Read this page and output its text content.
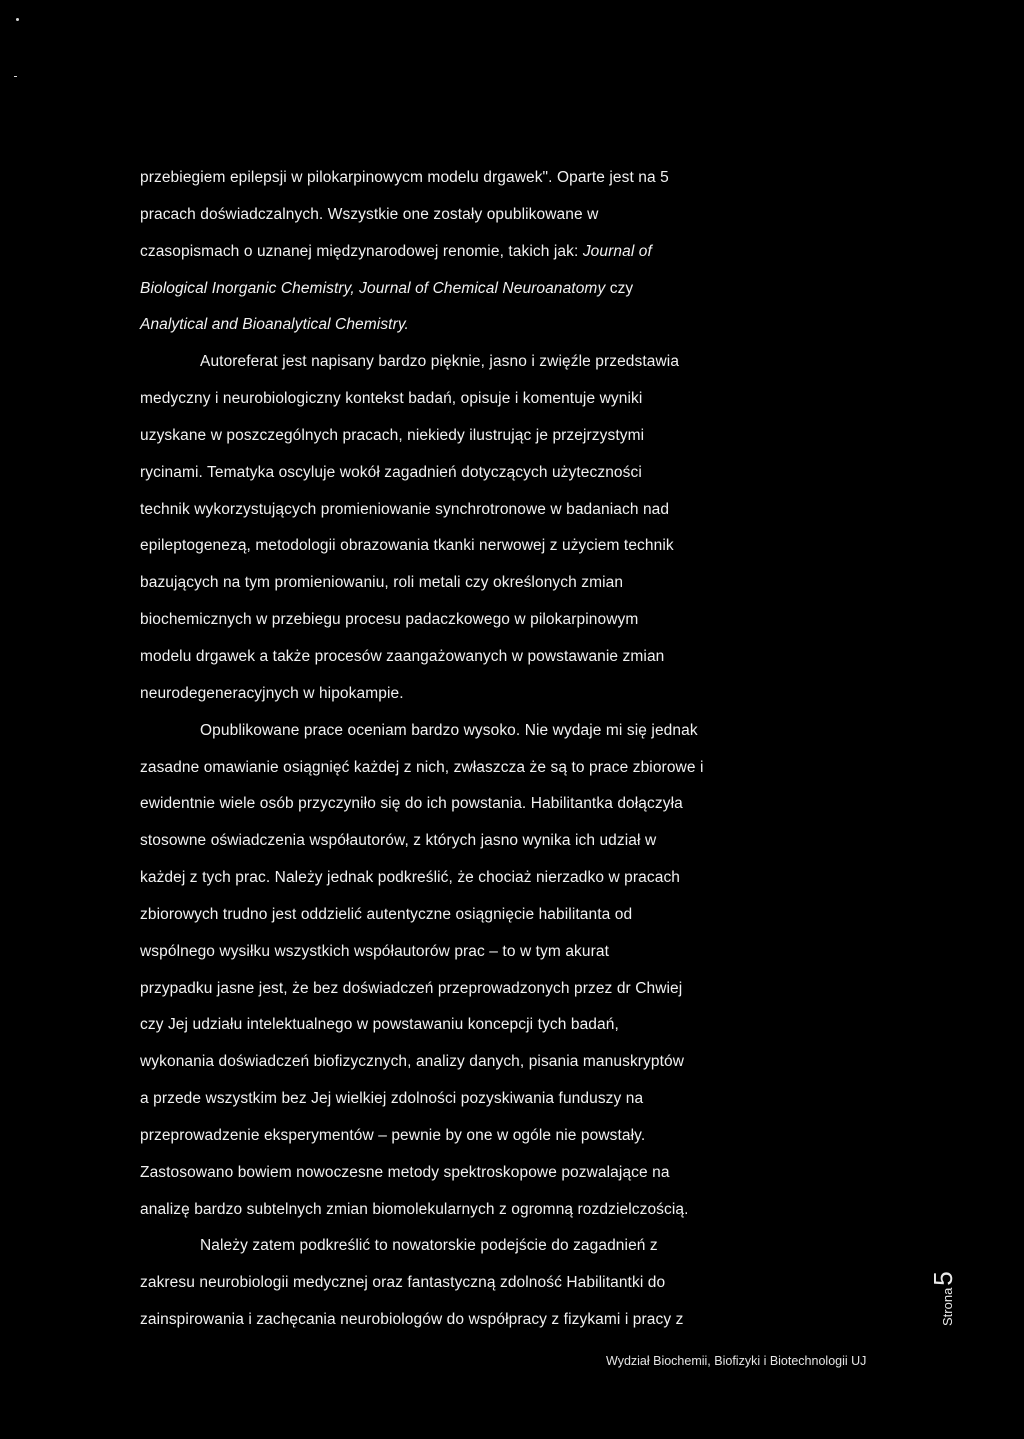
przebiegiem epilepsji w pilokarpinowycm modelu drgawek". Oparte jest na 5
pracach doświadczalnych. Wszystkie one zostały opublikowane w
czasopismach o uznanej międzynarodowej renomie, takich jak: Journal of
Biological Inorganic Chemistry, Journal of Chemical Neuroanatomy czy
Analytical and Bioanalytical Chemistry.
Autoreferat jest napisany bardzo pięknie, jasno i zwięźle przedstawia
medyczny i neurobiologiczny kontekst badań, opisuje i komentuje wyniki
uzyskane w poszczególnych pracach, niekiedy ilustrując je przejrzystymi
rycinami. Tematyka oscyluje wokół zagadnień dotyczących użyteczności
technik wykorzystujących promieniowanie synchrotronowe w badaniach nad
epileptogenezą, metodologii obrazowania tkanki nerwowej z użyciem technik
bazujących na tym promieniowaniu, roli metali czy określonych zmian
biochemicznych w przebiegu procesu padaczkowego w pilokarpinowym
modelu drgawek a także procesów zaangażowanych w powstawanie zmian
neurodegeneracyjnych w hipokampie.
Opublikowane prace oceniam bardzo wysoko. Nie wydaje mi się jednak
zasadne omawianie osiągnięć każdej z nich, zwłaszcza że są to prace zbiorowe i
ewidentnie wiele osób przyczyniło się do ich powstania. Habilitantka dołączyła
stosowne oświadczenia współautorów, z których jasno wynika ich udział w
każdej z tych prac. Należy jednak podkreślić, że chociaż nierzadko w pracach
zbiorowych trudno jest oddzielić autentyczne osiągnięcie habilitanta od
wspólnego wysiłku wszystkich współautorów prac – to w tym akurat
przypadku jasne jest, że bez doświadczeń przeprowadzonych przez dr Chwiej
czy Jej udziału intelektualnego w powstawaniu koncepcji tych badań,
wykonania doświadczeń biofizycznych, analizy danych, pisania manuskryptów
a przede wszystkim bez Jej wielkiej zdolności pozyskiwania funduszy na
przeprowadzenie eksperymentów – pewnie by one w ogóle nie powstały.
Zastosowano bowiem nowoczesne metody spektroskopowe pozwalające na
analizę bardzo subtelnych zmian biomolekularnych z ogromną rozdzielczością.
Należy zatem podkreślić to nowatorskie podejście do zagadnień z
zakresu neurobiologii medycznej oraz fantastyczną zdolność Habilitantki do
zainspirowania i zachęcania neurobiologów do współpracy z fizykami i pracy z	Strona5
Wydział Biochemii, Biofizyki i Biotechnologii UJ
